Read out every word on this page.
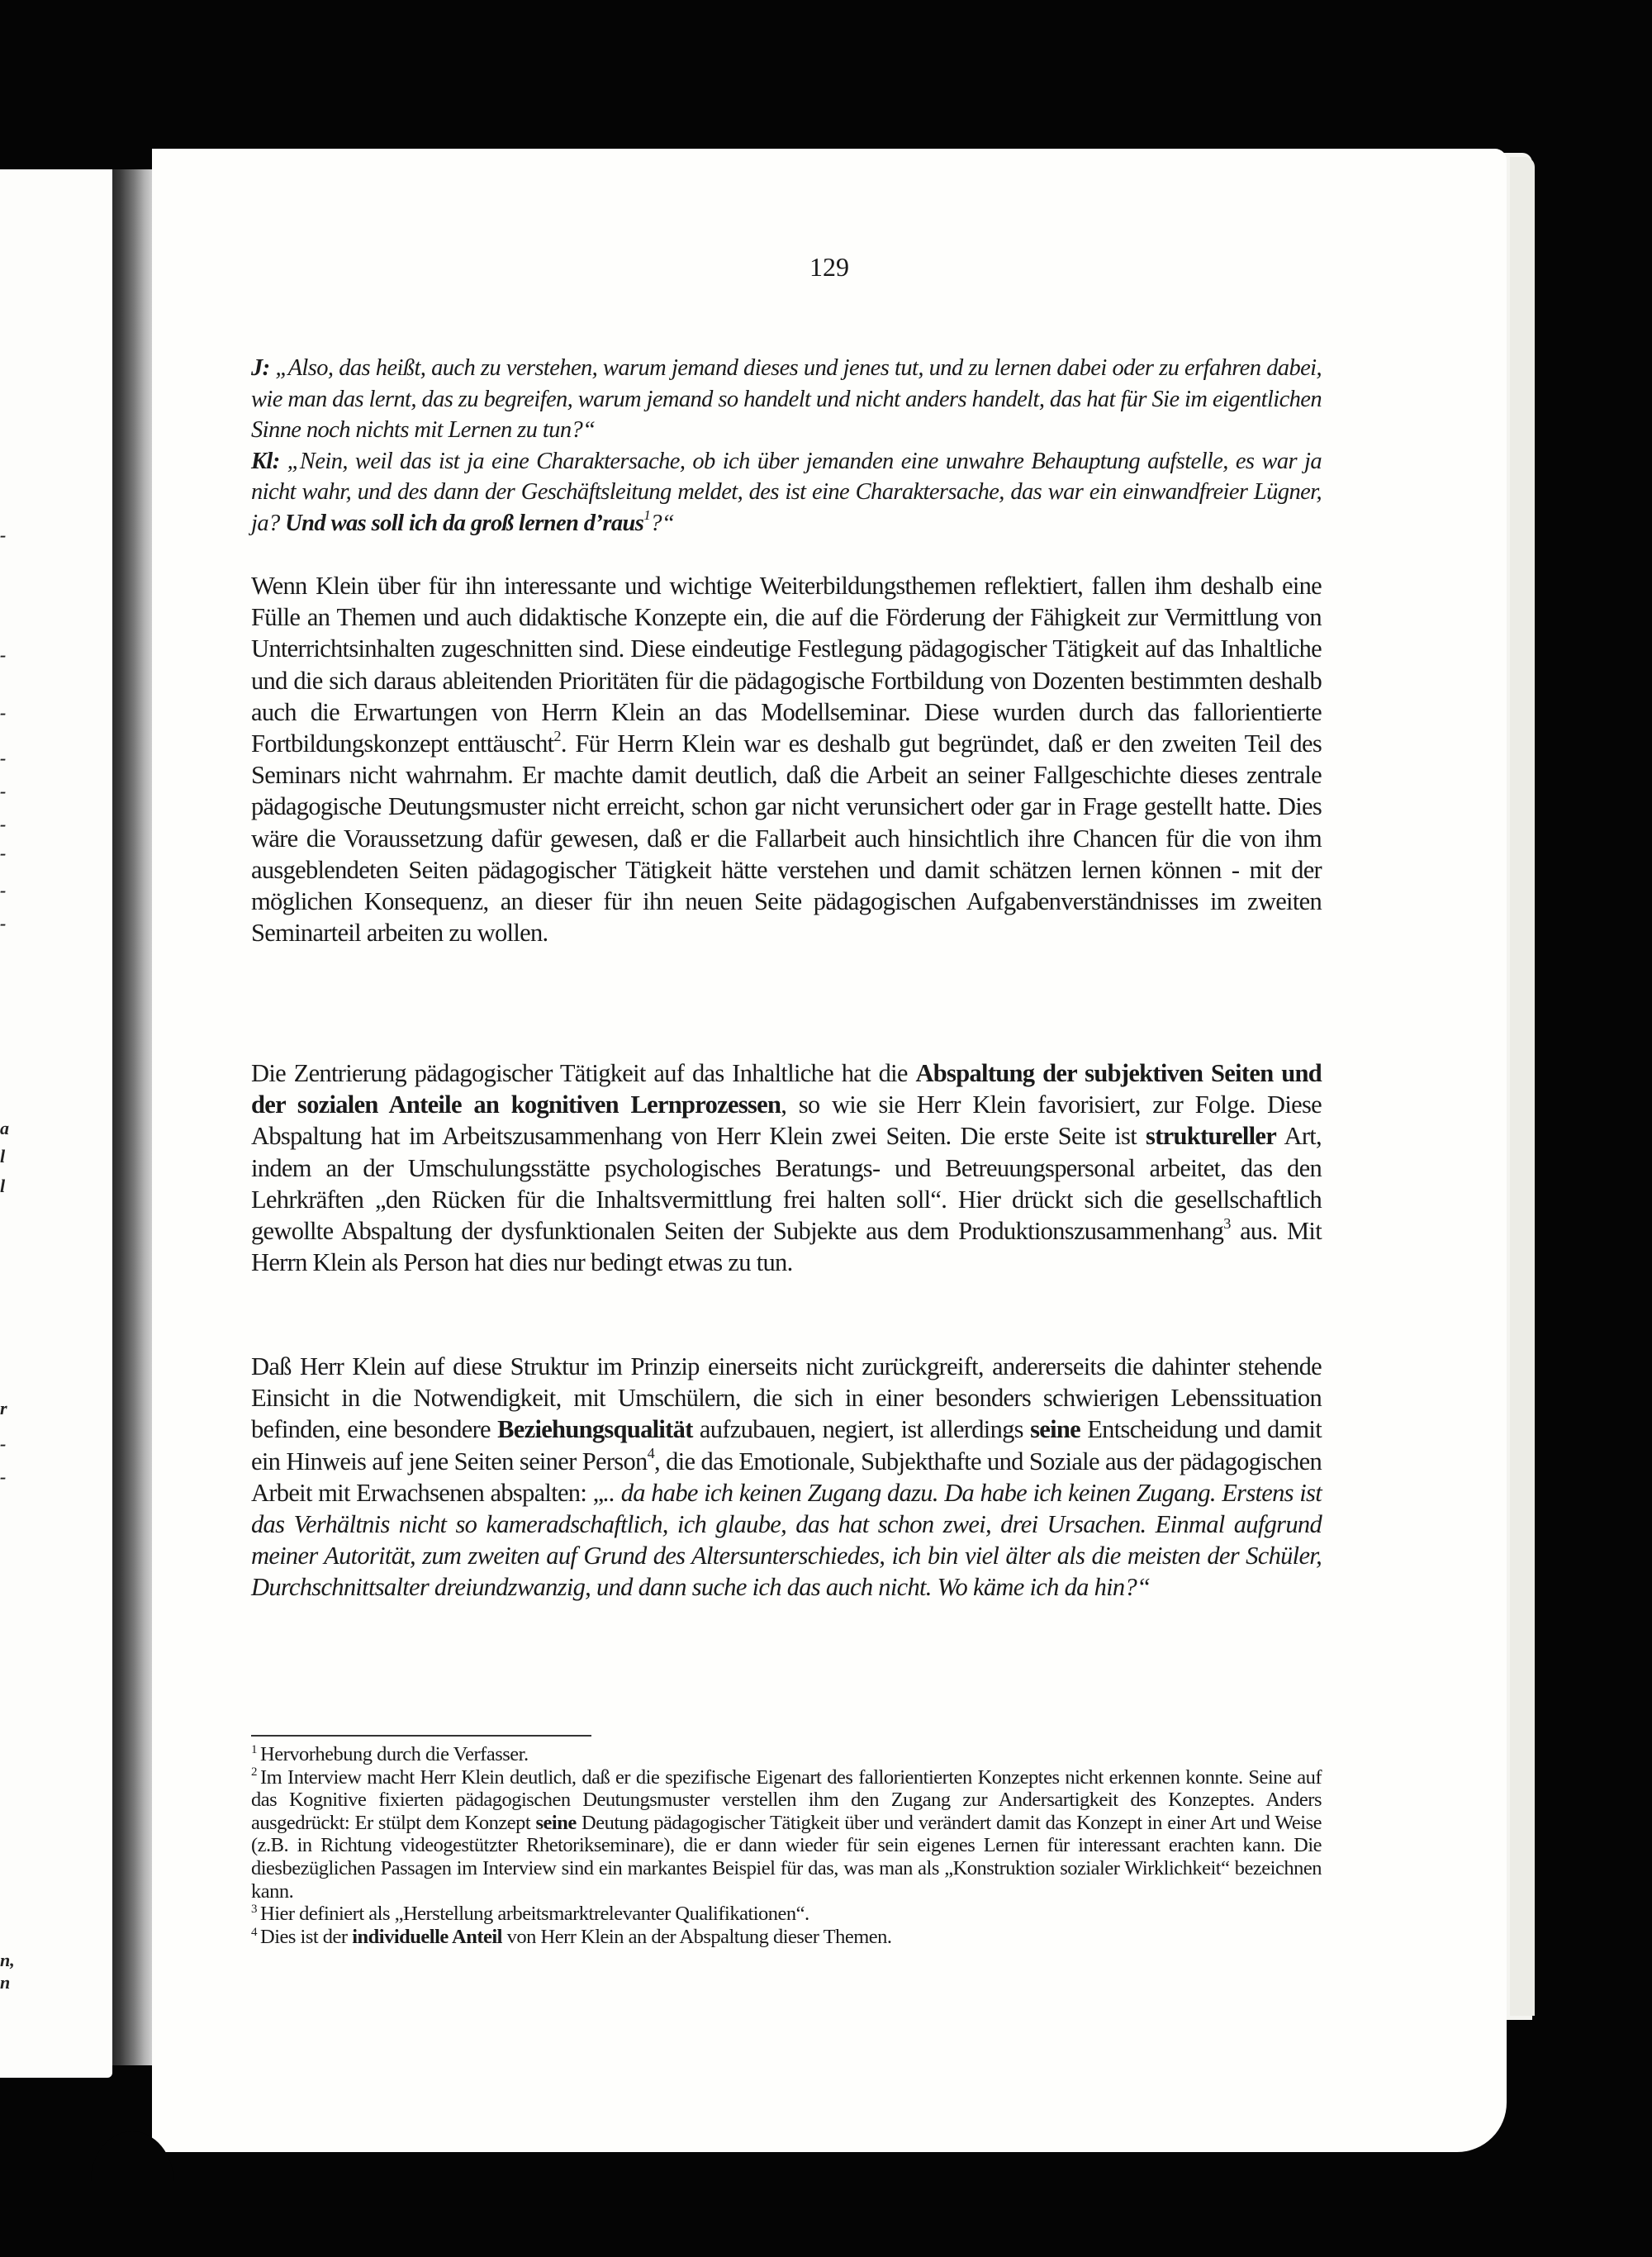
-
-
-
-
-
-
-
-
-
a
l
l
r
-
-
n,
n
129

J: „Also, das heißt, auch zu verstehen, warum jemand dieses und jenes tut, und zu lernen dabei oder zu erfahren dabei, wie man das lernt, das zu begreifen, warum jemand so handelt und nicht anders handelt, das hat für Sie im eigentlichen Sinne noch nichts mit Lernen zu tun?“

Kl: „Nein, weil das ist ja eine Charaktersache, ob ich über jemanden eine unwahre Behauptung aufstelle, es war ja nicht wahr, und des dann der Geschäftsleitung meldet, des ist eine Charaktersache, das war ein einwandfreier Lügner, ja? Und was soll ich da groß lernen d’raus$^1$?“

Wenn Klein über für ihn interessante und wichtige Weiterbildungsthemen reflektiert, fallen ihm deshalb eine Fülle an Themen und auch didaktische Konzepte ein, die auf die Förderung der Fähigkeit zur Vermittlung von Unterrichtsinhalten zugeschnitten sind. Diese eindeutige Festlegung pädagogischer Tätigkeit auf das Inhaltliche und die sich daraus ableitenden Prioritäten für die pädagogische Fortbildung von Dozenten bestimmten deshalb auch die Erwartungen von Herrn Klein an das Modellseminar. Diese wurden durch das fallorientierte Fortbildungskonzept enttäuscht$^2$. Für Herrn Klein war es deshalb gut begründet, daß er den zweiten Teil des Seminars nicht wahrnahm. Er machte damit deutlich, daß die Arbeit an seiner Fallgeschichte dieses zentrale pädagogische Deutungsmuster nicht erreicht, schon gar nicht verunsichert oder gar in Frage gestellt hatte. Dies wäre die Voraussetzung dafür gewesen, daß er die Fallarbeit auch hinsichtlich ihre Chancen für die von ihm ausgeblendeten Seiten pädagogischer Tätigkeit hätte verstehen und damit schätzen lernen können - mit der möglichen Konsequenz, an dieser für ihn neuen Seite pädagogischen Aufgabenverständnisses im zweiten Seminarteil arbeiten zu wollen.

Die Zentrierung pädagogischer Tätigkeit auf das Inhaltliche hat die Abspaltung der subjektiven Seiten und der sozialen Anteile an kognitiven Lernprozessen, so wie sie Herr Klein favorisiert, zur Folge. Diese Abspaltung hat im Arbeitszusammenhang von Herr Klein zwei Seiten. Die erste Seite ist struktureller Art, indem an der Umschulungsstätte psychologisches Beratungs- und Betreuungspersonal arbeitet, das den Lehrkräften „den Rücken für die Inhaltsvermittlung frei halten soll“. Hier drückt sich die gesellschaftlich gewollte Abspaltung der dysfunktionalen Seiten der Subjekte aus dem Produktionszusammenhang$^3$ aus. Mit Herrn Klein als Person hat dies nur bedingt etwas zu tun.

Daß Herr Klein auf diese Struktur im Prinzip einerseits nicht zurückgreift, andererseits die dahinter stehende Einsicht in die Notwendigkeit, mit Umschülern, die sich in einer besonders schwierigen Lebenssituation befinden, eine besondere Beziehungsqualität aufzubauen, negiert, ist allerdings seine Entscheidung und damit ein Hinweis auf jene Seiten seiner Person$^4$, die das Emotionale, Subjekthafte und Soziale aus der pädagogischen Arbeit mit Erwachsenen abspalten: „.. da habe ich keinen Zugang dazu. Da habe ich keinen Zugang. Erstens ist das Verhältnis nicht so kameradschaftlich, ich glaube, das hat schon zwei, drei Ursachen. Einmal aufgrund meiner Autorität, zum zweiten auf Grund des Altersunterschiedes, ich bin viel älter als die meisten der Schüler, Durchschnittsalter dreiundzwanzig, und dann suche ich das auch nicht. Wo käme ich da hin?“

$^1$ Hervorhebung durch die Verfasser.

$^2$ Im Interview macht Herr Klein deutlich, daß er die spezifische Eigenart des fallorientierten Konzeptes nicht erkennen konnte. Seine auf das Kognitive fixierten pädagogischen Deutungsmuster verstellen ihm den Zugang zur Andersartigkeit des Konzeptes. Anders ausgedrückt: Er stülpt dem Konzept seine Deutung pädagogischer Tätigkeit über und verändert damit das Konzept in einer Art und Weise (z.B. in Richtung videogestützter Rhetorikseminare), die er dann wieder für sein eigenes Lernen für interessant erachten kann. Die diesbezüglichen Passagen im Interview sind ein markantes Beispiel für das, was man als „Konstruktion sozialer Wirklichkeit“ bezeichnen kann.

$^3$ Hier definiert als „Herstellung arbeitsmarktrelevanter Qualifikationen“.

$^4$ Dies ist der individuelle Anteil von Herr Klein an der Abspaltung dieser Themen.
